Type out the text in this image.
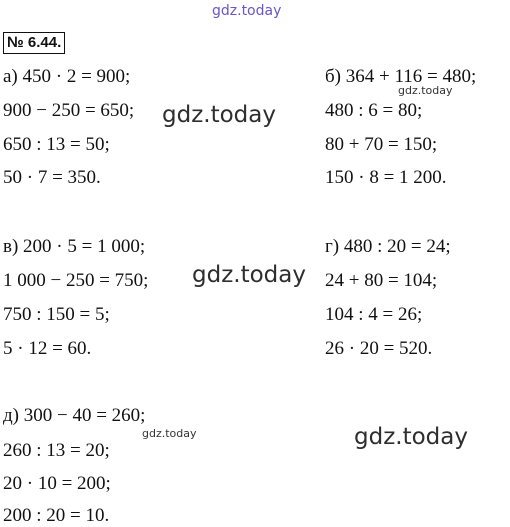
gdz.today
№ 6.44.
а) 450 · 2 = 900;
900 − 250 = 650;
650 : 13 = 50;
50 · 7 = 350.
gdz.today
б) 364 + 116 = 480;
gdz.today
480 : 6 = 80;
80 + 70 = 150;
150 · 8 = 1 200.
в) 200 · 5 = 1 000;
1 000 − 250 = 750;
750 : 150 = 5;
5 · 12 = 60.
gdz.today
г) 480 : 20 = 24;
24 + 80 = 104;
104 : 4 = 26;
26 · 20 = 520.
д) 300 − 40 = 260;
gdz.today
260 : 13 = 20;
20 · 10 = 200;
200 : 20 = 10.
gdz.today
